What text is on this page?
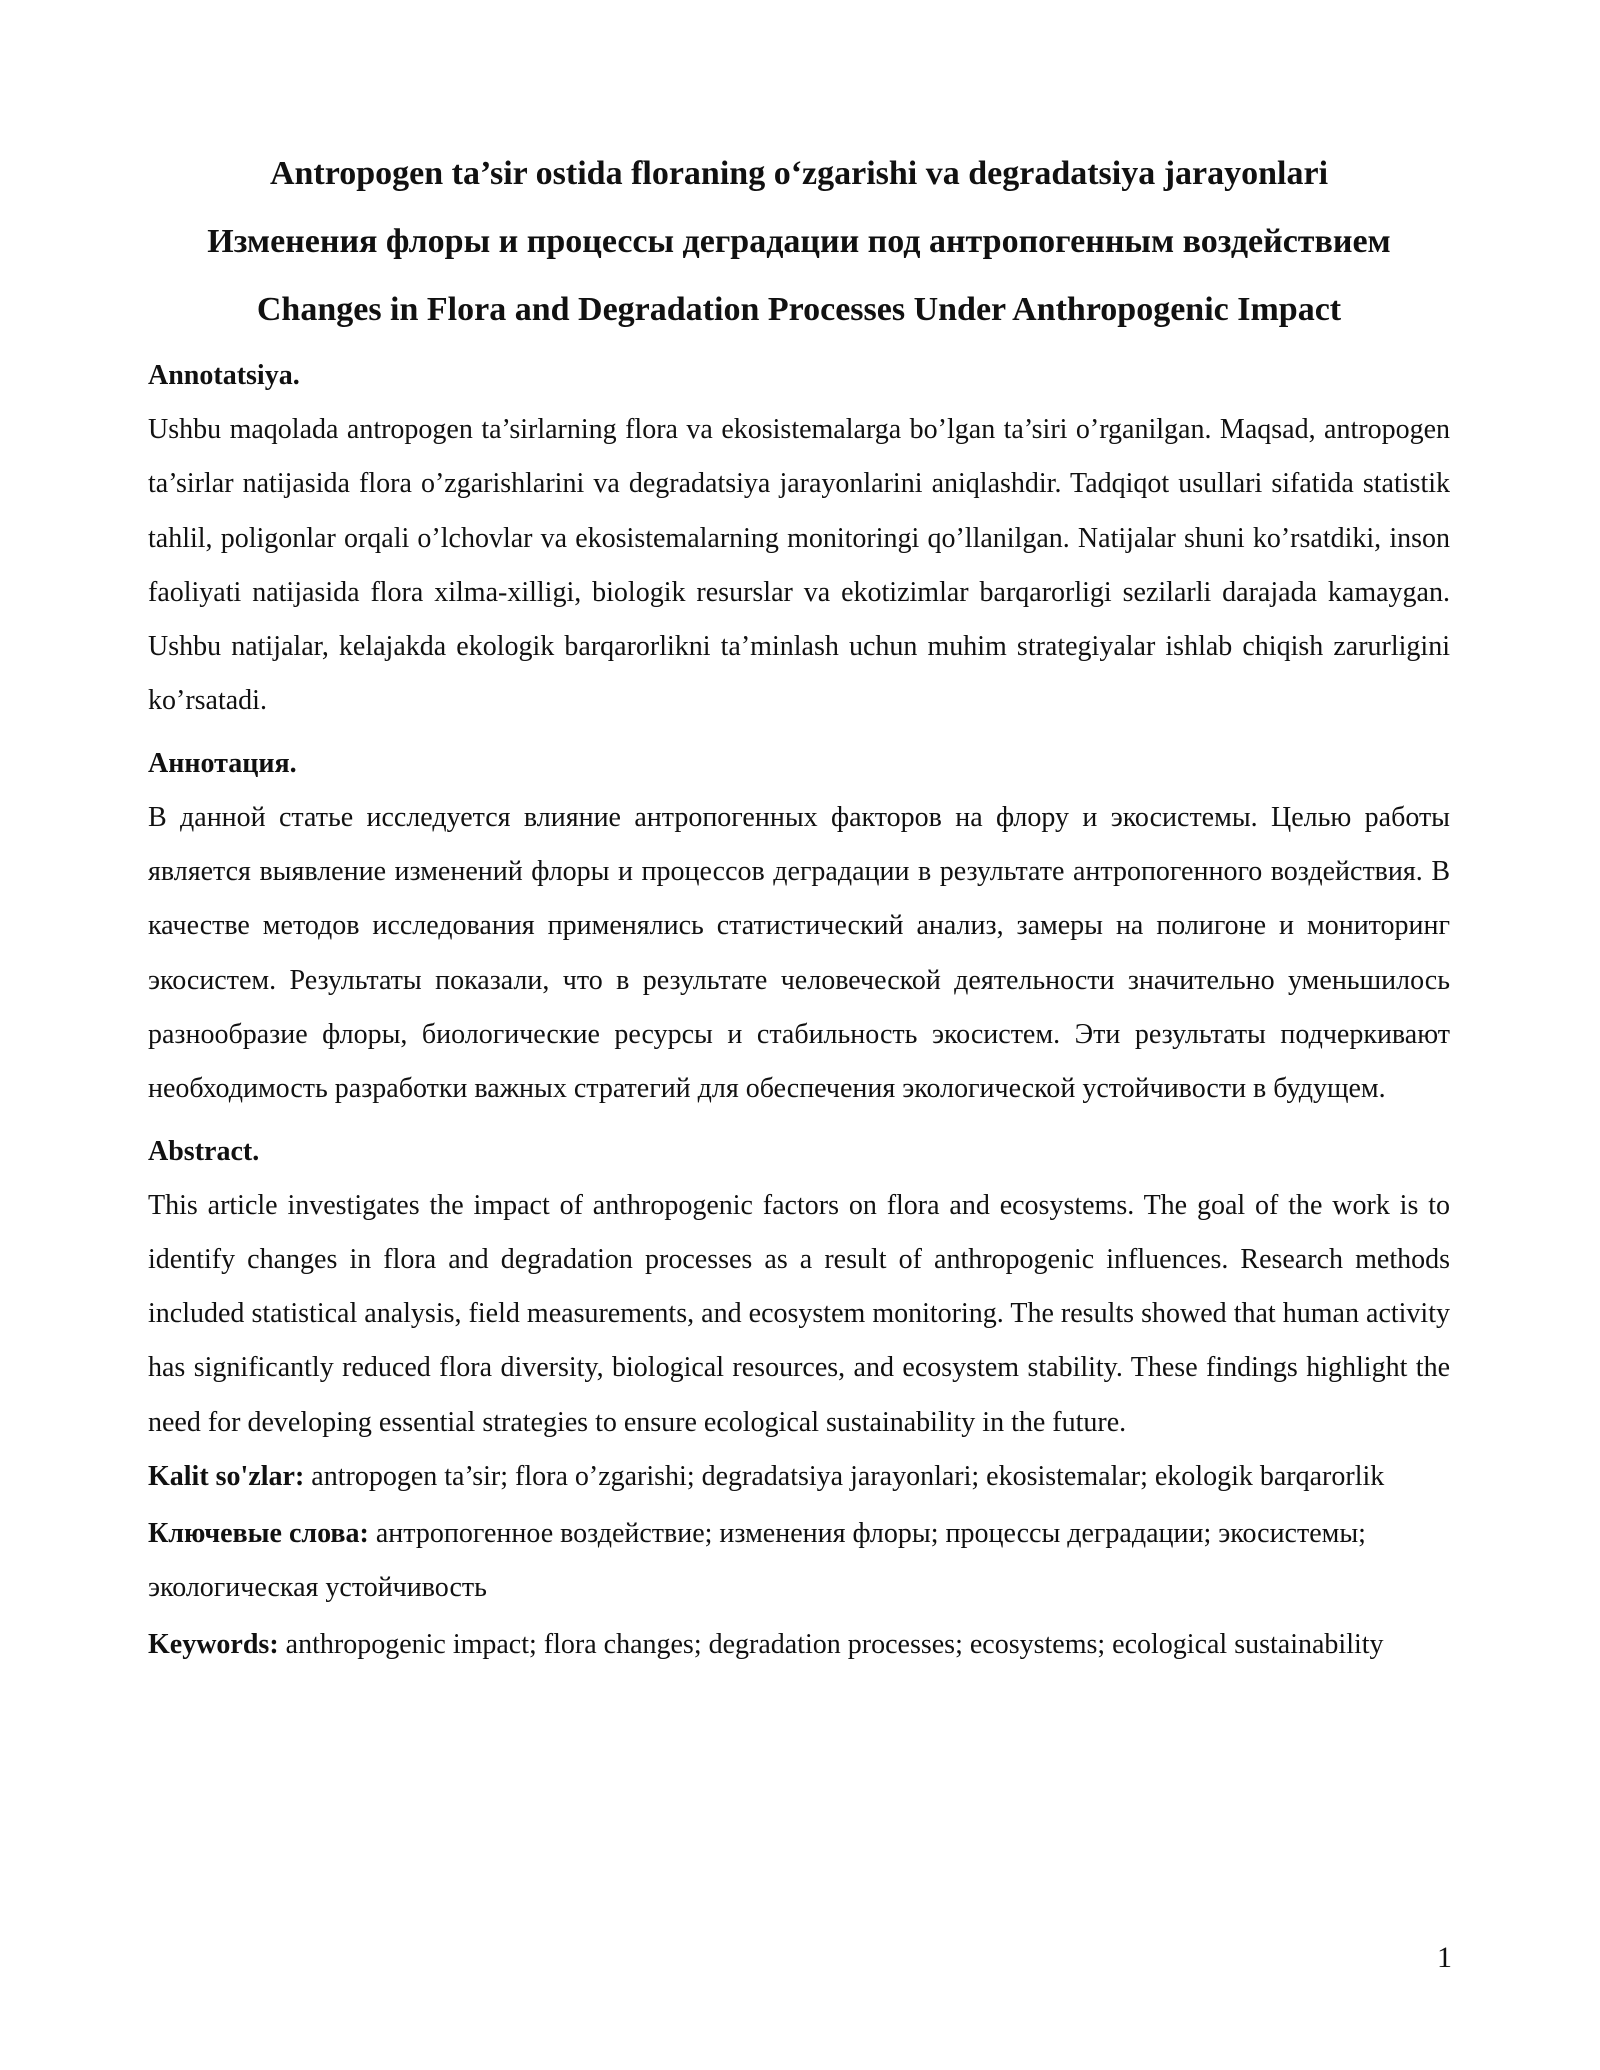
Antropogen ta’sir ostida floraning o‘zgarishi va degradatsiya jarayonlari
Изменения флоры и процессы деградации под антропогенным воздействием
Changes in Flora and Degradation Processes Under Anthropogenic Impact

Annotatsiya.

Ushbu maqolada antropogen ta’sirlarning flora va ekosistemalarga bo’lgan ta’siri o’rganilgan. Maqsad, antropogen ta’sirlar natijasida flora o’zgarishlarini va degradatsiya jarayonlarini aniqlashdir. Tadqiqot usullari sifatida statistik tahlil, poligonlar orqali o’lchovlar va ekosistemalarning monitoringi qo’llanilgan. Natijalar shuni ko’rsatdiki, inson faoliyati natijasida flora xilma-xilligi, biologik resurslar va ekotizimlar barqarorligi sezilarli darajada kamaygan. Ushbu natijalar, kelajakda ekologik barqarorlikni ta’minlash uchun muhim strategiyalar ishlab chiqish zarurligini ko’rsatadi.

Аннотация.

В данной статье исследуется влияние антропогенных факторов на флору и экосистемы. Целью работы является выявление изменений флоры и процессов деградации в результате антропогенного воздействия. В качестве методов исследования применялись статистический анализ, замеры на полигоне и мониторинг экосистем. Результаты показали, что в результате человеческой деятельности значительно уменьшилось разнообразие флоры, биологические ресурсы и стабильность экосистем. Эти результаты подчеркивают необходимость разработки важных стратегий для обеспечения экологической устойчивости в будущем.

Abstract.

This article investigates the impact of anthropogenic factors on flora and ecosystems. The goal of the work is to identify changes in flora and degradation processes as a result of anthropogenic influences. Research methods included statistical analysis, field measurements, and ecosystem monitoring. The results showed that human activity has significantly reduced flora diversity, biological resources, and ecosystem stability. These findings highlight the need for developing essential strategies to ensure ecological sustainability in the future.

Kalit so'zlar: antropogen ta’sir; flora o’zgarishi; degradatsiya jarayonlari; ekosistemalar; ekologik barqarorlik

Ключевые слова: антропогенное воздействие; изменения флоры; процессы деградации; экосистемы; экологическая устойчивость

Keywords: anthropogenic impact; flora changes; degradation processes; ecosystems; ecological sustainability

1
